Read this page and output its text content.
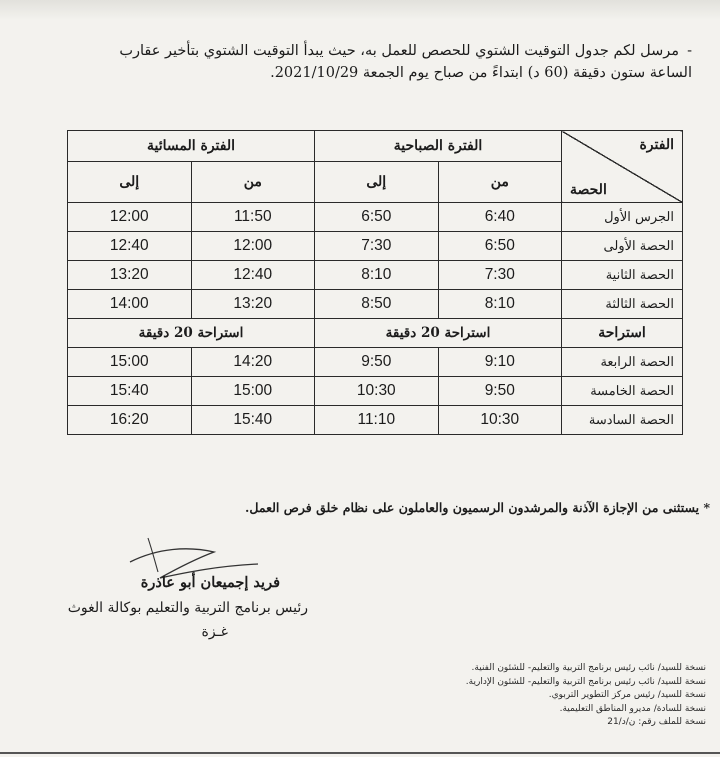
-مرسل لكم جدول التوقيت الشتوي للحصص للعمل به، حيث يبدأ التوقيت الشتوي بتأخير عقارب
الساعة ستون دقيقة (60 د) ابتداءً من صباح يوم الجمعة 2021/10/29.
الفترة
الحصة	الفترة الصباحية		الفترة المسائية	
	من	إلى	من	إلى
الجرس الأول	6:40	6:50	11:50	12:00
الحصة الأولى	6:50	7:30	12:00	12:40
الحصة الثانية	7:30	8:10	12:40	13:20
الحصة الثالثة	8:10	8:50	13:20	14:00
استراحة	استراحة 20 دقيقة		استراحة 20 دقيقة	
الحصة الرابعة	9:10	9:50	14:20	15:00
الحصة الخامسة	9:50	10:30	15:00	15:40
الحصة السادسة	10:30	11:10	15:40	16:20
* يستثنى من الإجازة الآذنة والمرشدون الرسميون والعاملون على نظام خلق فرص العمل.
فريد إجميعان أبو عاذرة
رئيس برنامج التربية والتعليم بوكالة الغوث
غـزة
نسخة للسيد/ نائب رئيس برنامج التربية والتعليم- للشئون الفنية.
نسخة للسيد/ نائب رئيس برنامج التربية والتعليم- للشئون الإدارية.
نسخة للسيد/ رئيس مركز التطوير التربوي.
نسخة للسادة/ مديرو المناطق التعليمية.
نسخة للملف رقم: ن/د/21
